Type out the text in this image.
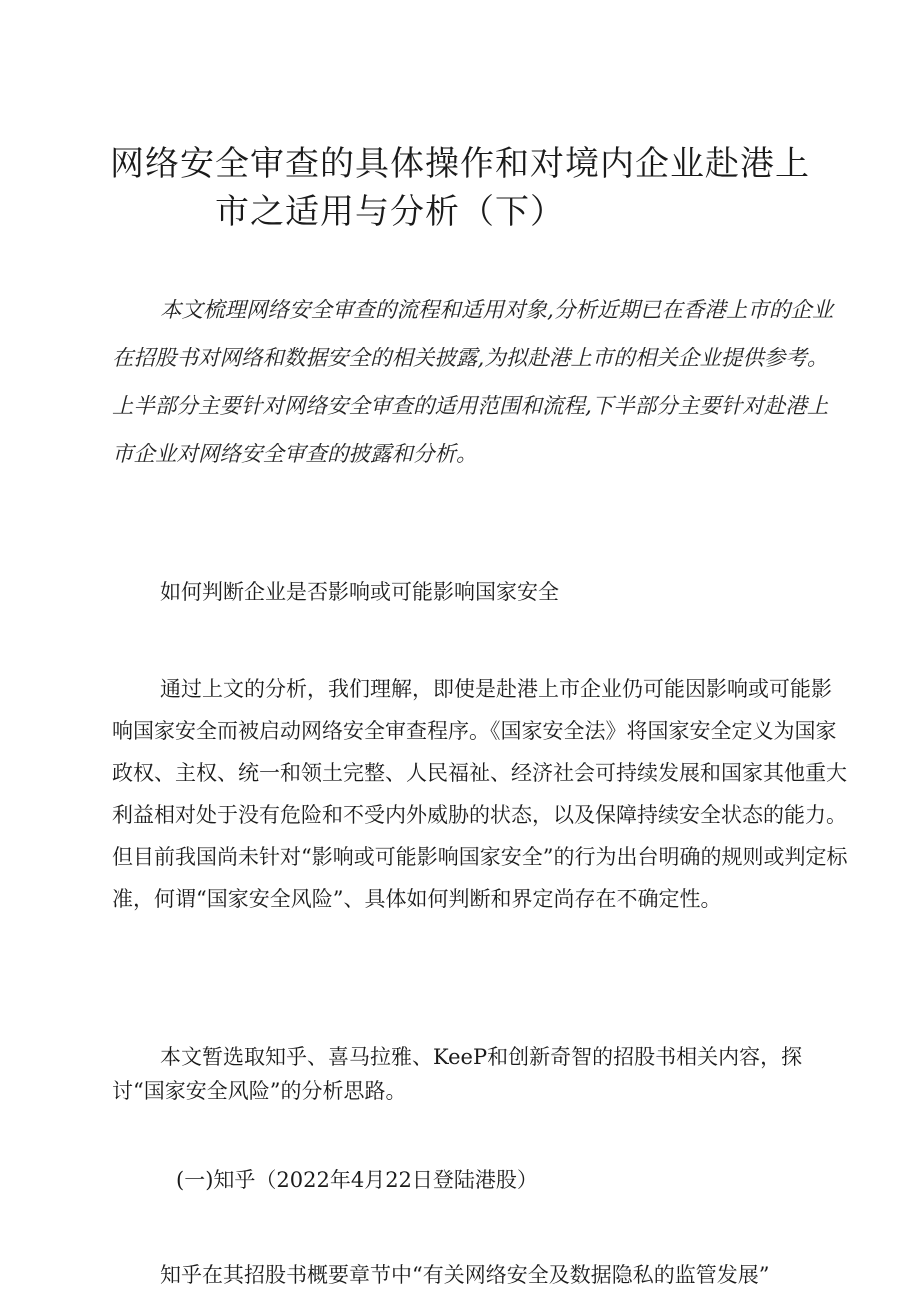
网络安全审查的具体操作和对境内企业赴港上
市之适用与分析（下）

本文梳理网络安全审查的流程和适用对象,分析近期已在香港上市的企业在招股书对网络和数据安全的相关披露,为拟赴港上市的相关企业提供参考。上半部分主要针对网络安全审查的适用范围和流程,下半部分主要针对赴港上市企业对网络安全审查的披露和分析。

如何判断企业是否影响或可能影响国家安全

通过上文的分析，我们理解，即使是赴港上市企业仍可能因影响或可能影响国家安全而被启动网络安全审查程序。《国家安全法》将国家安全定义为国家政权、主权、统一和领土完整、人民福祉、经济社会可持续发展和国家其他重大利益相对处于没有危险和不受内外威胁的状态，以及保障持续安全状态的能力。但目前我国尚未针对“影响或可能影响国家安全”的行为出台明确的规则或判定标准，何谓“国家安全风险”、具体如何判断和界定尚存在不确定性。

本文暂选取知乎、喜马拉雅、KeeP和创新奇智的招股书相关内容，探讨“国家安全风险”的分析思路。

(一)知乎（2022年4月22日登陆港股）

知乎在其招股书概要章节中“有关网络安全及数据隐私的监管发展”
